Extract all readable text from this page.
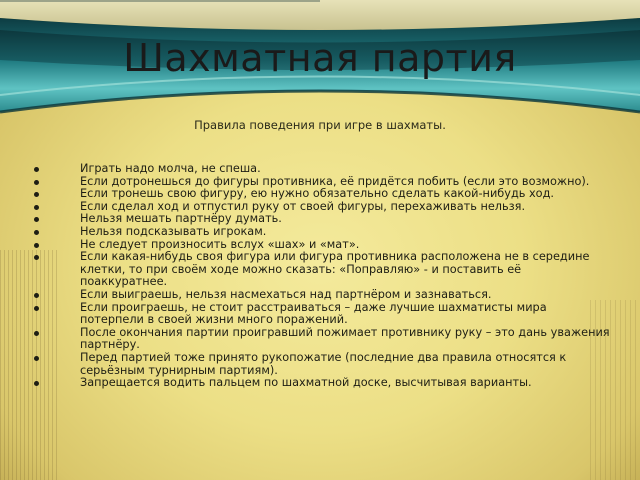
Шахматная партия
Правила поведения при игре в шахматы.
Играть надо молча, не спеша.
Если дотронешься до фигуры противника, её придётся побить (если это возможно).
Если тронешь свою фигуру, ею нужно обязательно сделать какой-нибудь ход.
Если сделал ход и отпустил руку от своей фигуры, перехаживать нельзя.
Нельзя мешать партнёру думать.
Нельзя подсказывать игрокам.
Не следует произносить вслух «шах» и «мат».
Если какая-нибудь своя фигура или фигура противника расположена не в середине клетки, то при своём ходе можно сказать: «Поправляю» - и поставить её поаккуратнее.
Если выиграешь, нельзя насмехаться над партнёром и зазнаваться.
Если проиграешь, не стоит расстраиваться – даже лучшие шахматисты мира потерпели в своей жизни много поражений.
После окончания партии проигравший пожимает противнику руку – это дань уважения партнёру.
Перед партией тоже принято рукопожатие (последние два правила относятся к серьёзным турнирным партиям).
Запрещается водить пальцем по шахматной доске, высчитывая варианты.
